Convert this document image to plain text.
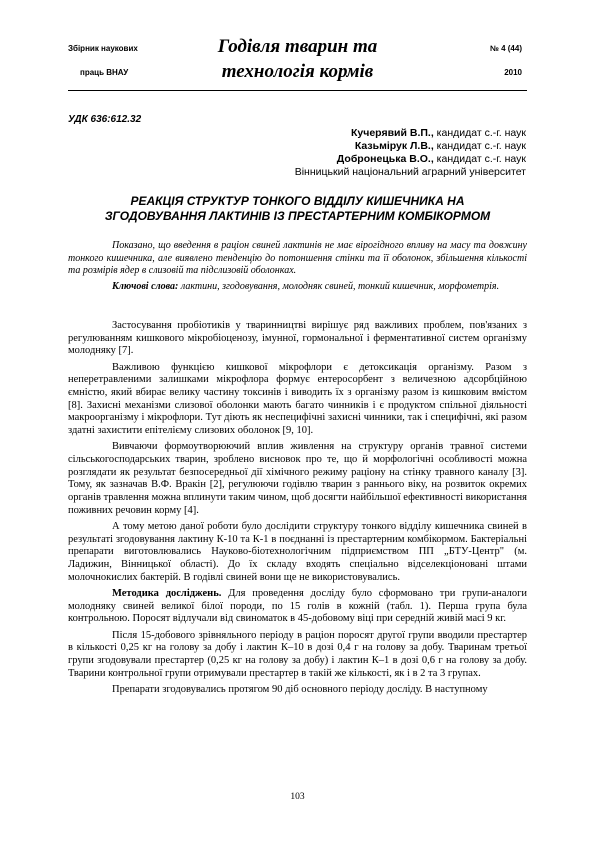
Збірник наукових
праць ВНАУ
Годівля тварин та
технологія кормів
№ 4 (44)
2010
УДК 636:612.32
Кучерявий В.П., кандидат с.-г. наук
Казьмірук Л.В., кандидат с.-г. наук
Добронецька В.О., кандидат с.-г. наук
Вінницький національний аграрний університет
РЕАКЦІЯ СТРУКТУР ТОНКОГО ВІДДІЛУ КИШЕЧНИКА НА
ЗГОДОВУВАННЯ ЛАКТИНІВ ІЗ ПРЕСТАРТЕРНИМ КОМБІКОРМОМ
Показано, що введення в раціон свиней лактинів не має вірогідного впливу на масу та довжину тонкого кишечника, але виявлено тенденцію до потоншення стінки та її оболонок, збільшення кількості та розмірів ядер в слизовій та підслизовій оболонках.
Ключові слова: лактини, згодовування, молодняк свиней, тонкий кишечник, морфометрія.

Застосування пробіотиків у тваринництві вирішує ряд важливих проблем, пов'язаних з регулюванням кишкового мікробіоценозу, імунної, гормональної і ферментативної систем організму молодняку [7].

Важливою функцією кишкової мікрофлори є детоксикація організму. Разом з неперетравленими залишками мікрофлора формує ентеросорбент з величезною адсорбційною ємністю, який вбирає велику частину токсинів і виводить їх з організму разом із кишковим вмістом [8]. Захисні механізми слизової оболонки мають багато чинників і є продуктом спільної діяльності макроорганізму і мікрофлори. Тут діють як неспецифічні захисні чинники, так і специфічні, які разом здатні захистити епітелієму слизових оболонок [9, 10].

Вивчаючи формоутворюючий вплив живлення на структуру органів травної системи сільськогосподарських тварин, зроблено висновок про те, що й морфологічні особливості можна розглядати як результат безпосередньої дії хімічного режиму раціону на стінку травного каналу [3]. Тому, як зазначав В.Ф. Вракін [2], регулюючи годівлю тварин з раннього віку, на розвиток окремих органів травлення можна вплинути таким чином, щоб досягти найбільшої ефективності використання поживних речовин корму [4].

А тому метою даної роботи було дослідити структуру тонкого відділу кишечника свиней в результаті згодовування лактину К-10 та К-1 в поєднанні із престартерним комбікормом. Бактеріальні препарати виготовлювались Науково-біотехнологічним підприємством ПП „БТУ-Центр" (м. Ладижин, Вінницької області). До їх складу входять спеціально відселекціоновані штами молочнокислих бактерій. В годівлі свиней вони ще не використовувались.

Методика досліджень. Для проведення досліду було сформовано три групи-аналоги молодняку свиней великої білої породи, по 15 голів в кожній (табл. 1). Перша група була контрольною. Поросят відлучали від свиноматок в 45-добовому віці при середній живій масі 9 кг.

Після 15-добового зрівняльного періоду в раціон поросят другої групи вводили престартер в кількості 0,25 кг на голову за добу і лактин К–10 в дозі 0,4 г на голову за добу. Тваринам третьої групи згодовували престартер (0,25 кг на голову за добу) і лактин К–1 в дозі 0,6 г на голову за добу. Тварини контрольної групи отримували престартер в такій же кількості, як і в 2 та 3 групах.

Препарати згодовувались протягом 90 діб основного періоду досліду. В наступному

103
